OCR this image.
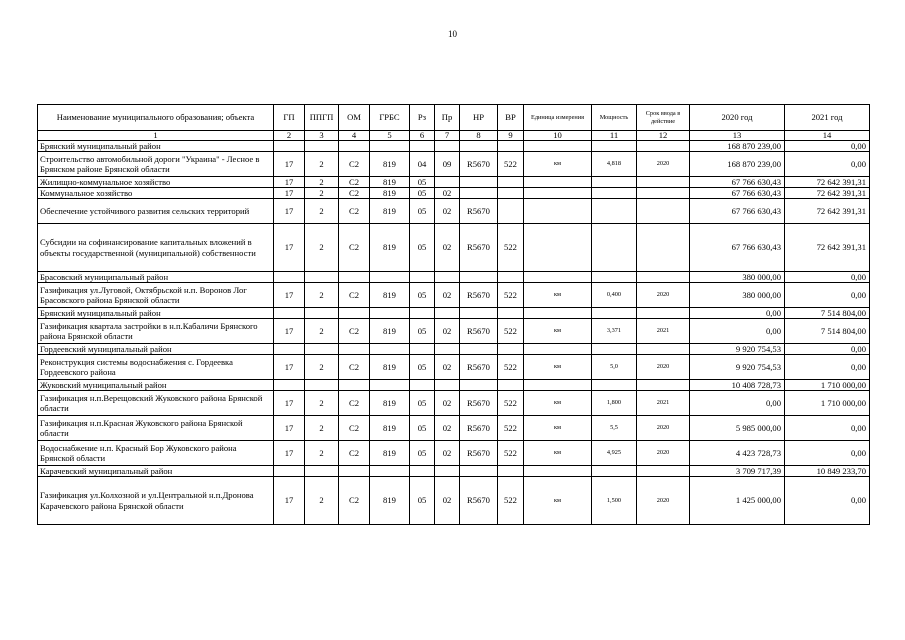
10
Наименование муниципального образования; объекта	ГП	ППГП	ОМ	ГРБС	Рз	Пр	НР	ВР	Единица измерения	Мощность	Срок ввода в действие	2020 год	2021 год
1	2	3	4	5	6	7	8	9	10	11	12	13	14
Брянский муниципальный район												168 870 239,00	0,00
Строительство автомобильной дороги "Украина" - Лесное в Брянском районе Брянской области	17	2	С2	819	04	09	R5670	522	км	4,818	2020	168 870 239,00	0,00
Жилищно-коммунальное хозяйство	17	2	С2	819	05							67 766 630,43	72 642 391,31
Коммунальное хозяйство	17	2	С2	819	05	02						67 766 630,43	72 642 391,31
Обеспечение устойчивого развития сельских территорий	17	2	С2	819	05	02	R5670					67 766 630,43	72 642 391,31
Субсидии на софинансирование капитальных вложений в объекты государственной (муниципальной) собственности	17	2	С2	819	05	02	R5670	522				67 766 630,43	72 642 391,31
Брасовский муниципальный район												380 000,00	0,00
Газификация ул.Луговой, Октябрьской н.п. Воронов Лог Брасовского района Брянской области	17	2	С2	819	05	02	R5670	522	км	0,400	2020	380 000,00	0,00
Брянский муниципальный район												0,00	7 514 804,00
Газификация квартала застройки в н.п.Кабаличи Брянского района Брянской области	17	2	С2	819	05	02	R5670	522	км	3,371	2021	0,00	7 514 804,00
Гордеевский муниципальный район												9 920 754,53	0,00
Реконструкция системы водоснабжения с. Гордеевка Гордеевского района	17	2	С2	819	05	02	R5670	522	км	5,0	2020	9 920 754,53	0,00
Жуковский муниципальный район												10 408 728,73	1 710 000,00
Газификация н.п.Верещовский Жуковского района Брянской области	17	2	С2	819	05	02	R5670	522	км	1,800	2021	0,00	1 710 000,00
Газификация н.п.Красная Жуковского района Брянской области	17	2	С2	819	05	02	R5670	522	км	5,5	2020	5 985 000,00	0,00
Водоснабжение н.п. Красный Бор Жуковского района Брянской области	17	2	С2	819	05	02	R5670	522	км	4,925	2020	4 423 728,73	0,00
Карачевский муниципальный район												3 709 717,39	10 849 233,70
Газификация ул.Колхозной и ул.Центральной н.п.Дронова Карачевского района Брянской области	17	2	С2	819	05	02	R5670	522	км	1,500	2020	1 425 000,00	0,00
